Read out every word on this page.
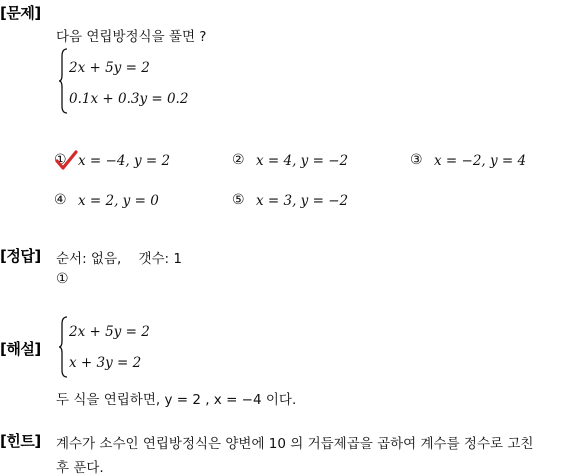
[문제]
다음 연립방정식을 풀면 ?
2x + 5y = 2
0.1x + 0.3y = 0.2
① x = −4, y = 2	② x = 4, y = −2	③ x = −2, y = 4
④ x = 2, y = 0	⑤ x = 3, y = −2
[정답] 순서: 없음,    갯수: 1
①
[해설]
2x + 5y = 2
x + 3y = 2
두 식을 연립하면, y = 2 , x = −4 이다.
[힌트] 계수가 소수인 연립방정식은 양변에 10 의 거듭제곱을 곱하여 계수를 정수로 고친
후 푼다.
